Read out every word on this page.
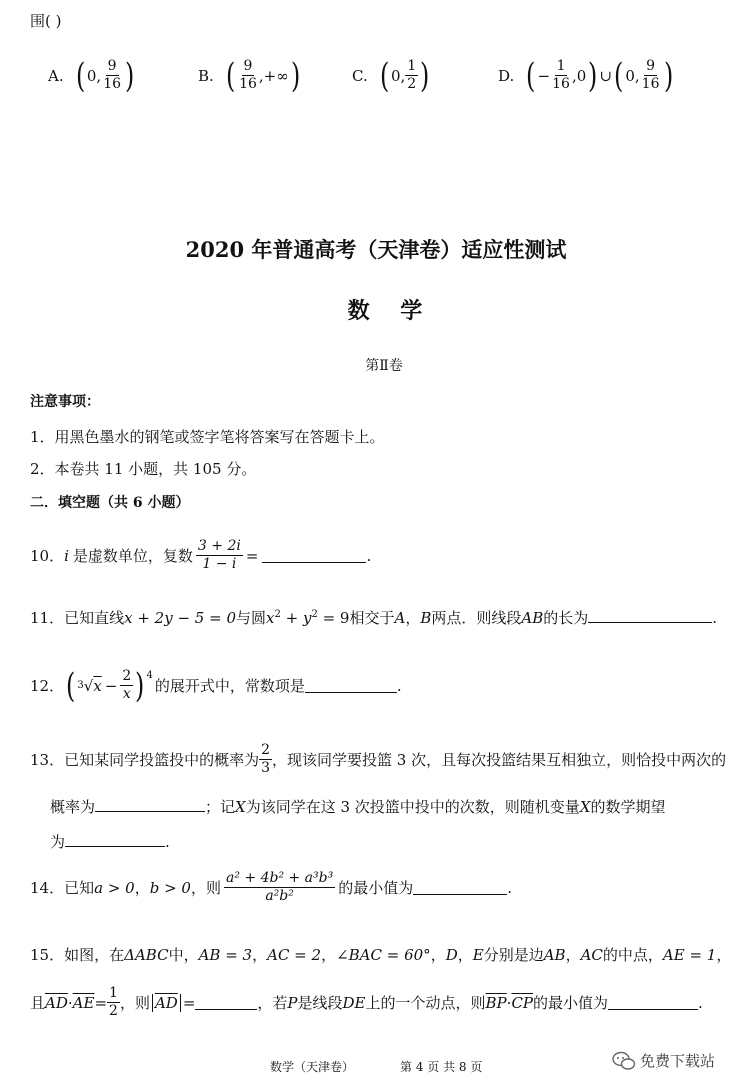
围( )
A. ( 0, $\frac{9}{16}$ )	B. ( $\frac{9}{16}$ ,+∞ )	C. ( 0, $\frac{1}{2}$ )	D. ( − $\frac{1}{16} ,0$ ) ∪ ( 0, $\frac{9}{16}$ )
2020 年普通高考（天津卷）适应性测试
数    学
第Ⅱ卷
注意事项：
1．用黑色墨水的钢笔或签字笔将答案写在答题卡上。
2．本卷共 11 小题，共 105 分。
二．填空题（共 6 小题）
10． i 是虚数单位，复数 $\frac{3 + 2i}{1 - i}$ =	.
11．已知直线x + 2y − 5 = 0与圆$x^2 + y^2 = 9$相交于A，B两点．则线段AB的长为	.
12． ( 3 √ $x - \frac{2}{x} )^4$
的展开式中，常数项是	.
13． 已知某同学投篮投中的概率为 $\frac{2}{3}$ ，现该同学要投篮 3 次，且每次投篮结果互相独立，则恰投中两次的
概率为	；记X为该同学在这 3 次投篮中投中的次数，则随机变量X的数学期望
为	.
14． 已知 a > 0 ， b > 0 ，则 $\frac{\text{a² + 4b² + a³b³}}{\text{a²b²}}$ 的最小值为	.
15．如图，在ΔABC中，AB = 3，AC = 2，∠BAC = 60°，D，E分别是边AB，AC的中点，AE = 1，
且 $\overline{AD} \cdot \overline{AE} = \frac{1}{2}$ ，则 $\overline{AD}$ =	，若 P 是线段 DE 上的一个动点，则 $\overline{BP} \cdot \overline{CP}$ 的最小值为	.
数学（天津卷）	第 4 页 共 8 页	免费下载站
